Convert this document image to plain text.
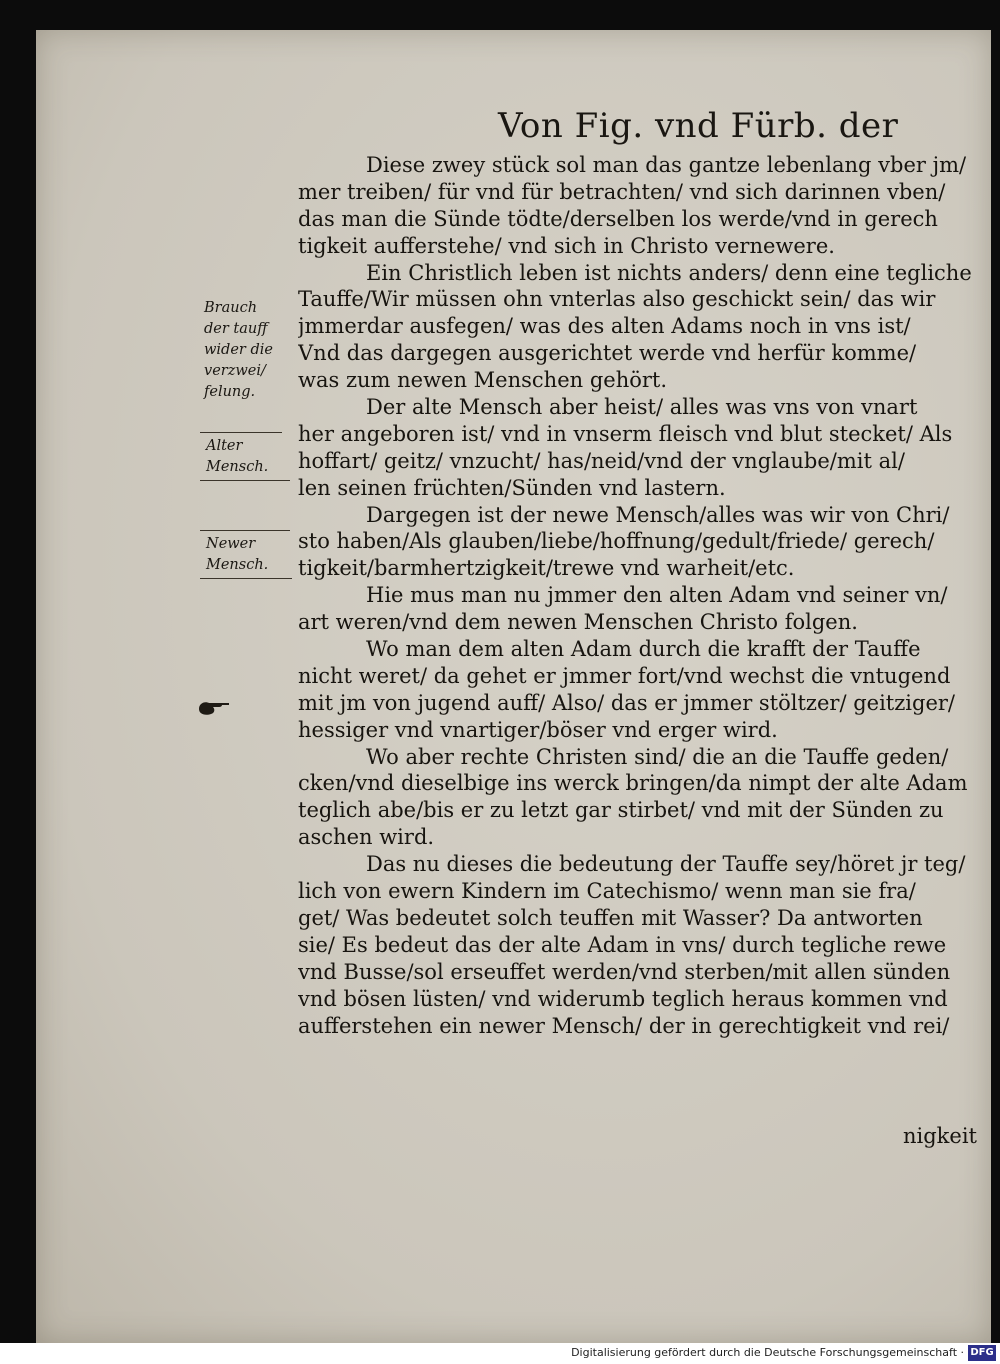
Von Fig. vnd Fürb. der
Diese zwey stück sol man das gantze lebenlang vber jm/
mer treiben/ für vnd für betrachten/ vnd sich darinnen vben/
das man die Sünde tödte/derselben los werde/vnd in gerech
tigkeit aufferstehe/ vnd sich in Christo vernewere.
Ein Christlich leben ist nichts anders/ denn eine tegliche
Tauffe/Wir müssen ohn vnterlas also geschickt sein/ das wir
jmmerdar ausfegen/ was des alten Adams noch in vns ist/
Vnd das dargegen ausgerichtet werde vnd herfür komme/
was zum newen Menschen gehört.
Der alte Mensch aber heist/ alles was vns von vnart
her angeboren ist/ vnd in vnserm fleisch vnd blut stecket/ Als
hoffart/ geitz/ vnzucht/ has/neid/vnd der vnglaube/mit al/
len seinen früchten/Sünden vnd lastern.
Dargegen ist der newe Mensch/alles was wir von Chri/
sto haben/Als glauben/liebe/hoffnung/gedult/friede/ gerech/
tigkeit/barmhertzigkeit/trewe vnd warheit/etc.
Hie mus man nu jmmer den alten Adam vnd seiner vn/
art weren/vnd dem newen Menschen Christo folgen.
Wo man dem alten Adam durch die krafft der Tauffe
nicht weret/ da gehet er jmmer fort/vnd wechst die vntugend
mit jm von jugend auff/ Also/ das er jmmer stöltzer/ geitziger/
hessiger vnd vnartiger/böser vnd erger wird.
Wo aber rechte Christen sind/ die an die Tauffe geden/
cken/vnd dieselbige ins werck bringen/da nimpt der alte Adam
teglich abe/bis er zu letzt gar stirbet/ vnd mit der Sünden zu
aschen wird.
Das nu dieses die bedeutung der Tauffe sey/höret jr teg/
lich von ewern Kindern im Catechismo/ wenn man sie fra/
get/ Was bedeutet solch teuffen mit Wasser? Da antworten
sie/ Es bedeut das der alte Adam in vns/ durch tegliche rewe
vnd Busse/sol erseuffet werden/vnd sterben/mit allen sünden
vnd bösen lüsten/ vnd widerumb teglich heraus kommen vnd
aufferstehen ein newer Mensch/ der in gerechtigkeit vnd rei/
nigkeit
Brauch
der tauff
wider die
verzwei/
felung.
Alter
Mensch.
Newer
Mensch.
Digitalisierung gefördert durch die Deutsche Forschungsgemeinschaft · DFG
